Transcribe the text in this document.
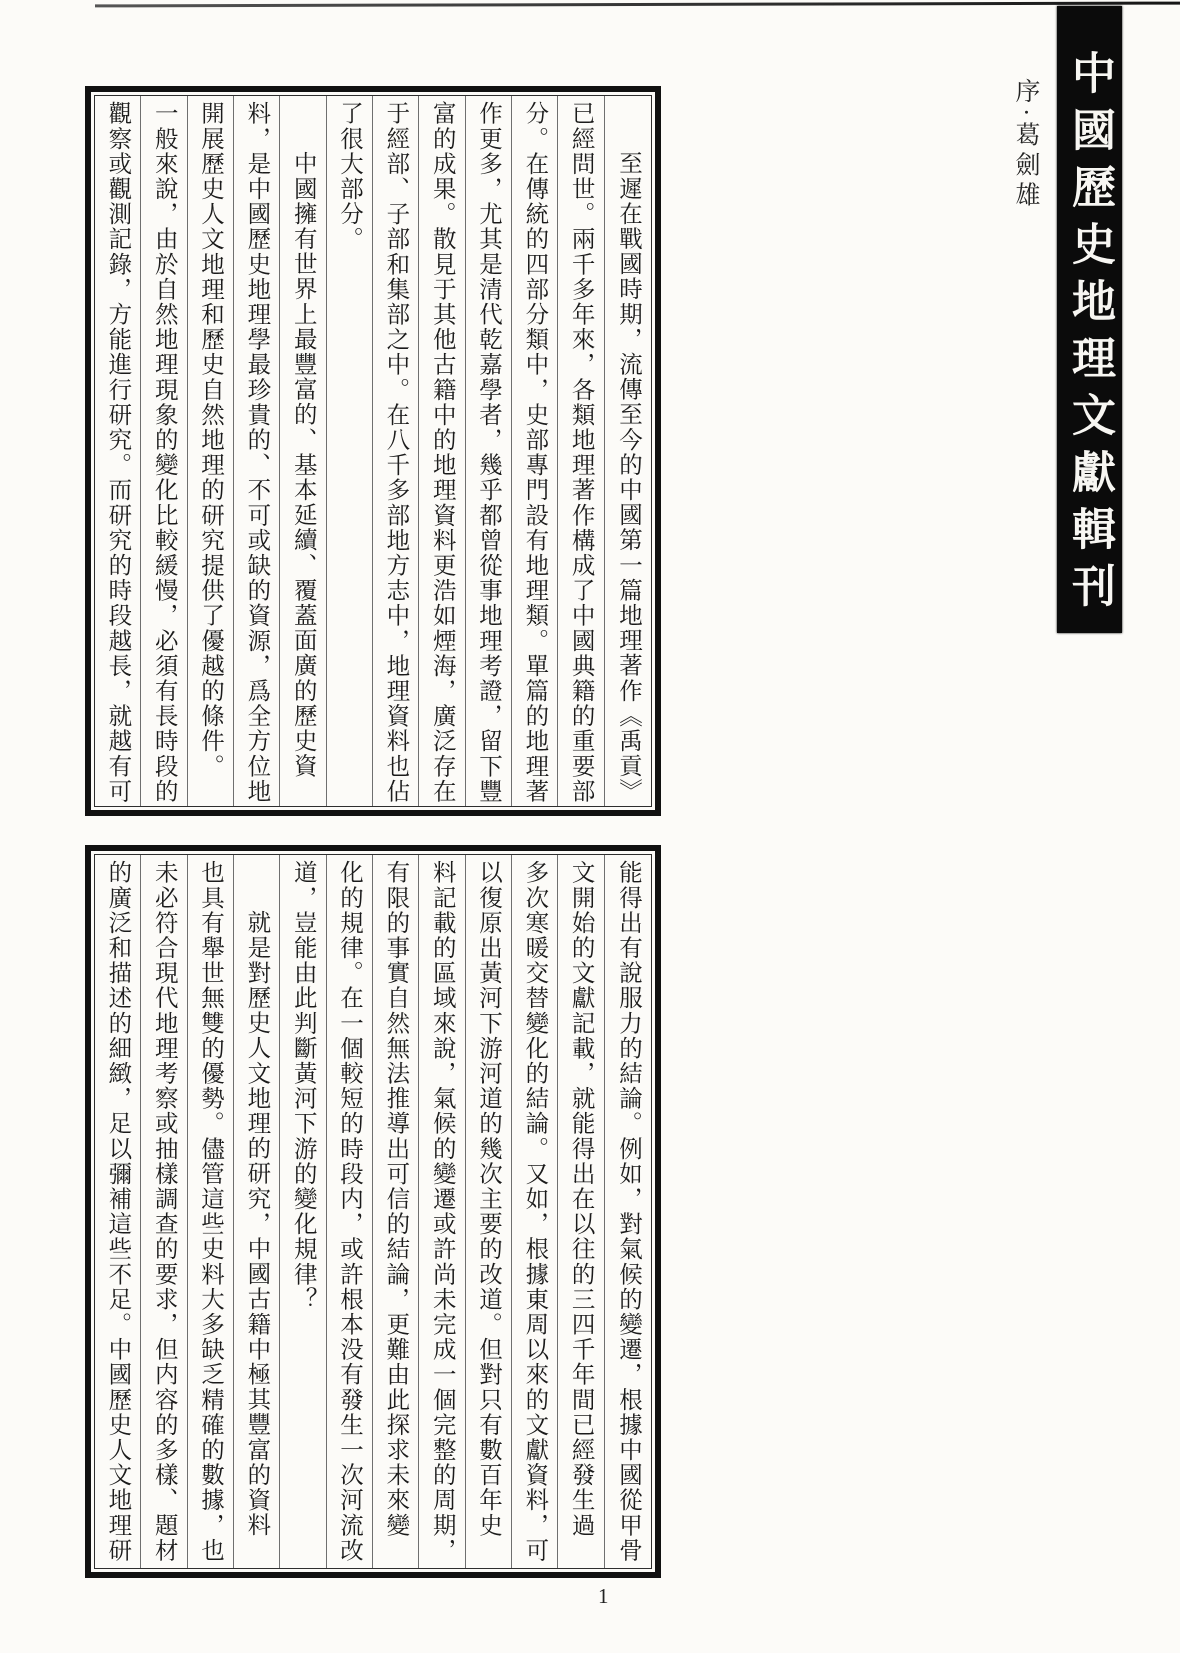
中國歷史地理文獻輯刊
序·葛劍雄
至遲在戰國時期，流傳至今的中國第一篇地理著作《禹貢》
已經問世。兩千多年來，各類地理著作構成了中國典籍的重要部
分。在傳統的四部分類中，史部專門設有地理類。單篇的地理著
作更多，尤其是清代乾嘉學者，幾乎都曾從事地理考證，留下豐
富的成果。散見于其他古籍中的地理資料更浩如煙海，廣泛存在
于經部、子部和集部之中。在八千多部地方志中，地理資料也佔
了很大部分。
中國擁有世界上最豐富的、基本延續、覆蓋面廣的歷史資
料，是中國歷史地理學最珍貴的、不可或缺的資源，爲全方位地
開展歷史人文地理和歷史自然地理的研究提供了優越的條件。
一般來說，由於自然地理現象的變化比較緩慢，必須有長時段的
觀察或觀測記錄，方能進行研究。而研究的時段越長，就越有可
能得出有說服力的結論。例如，對氣候的變遷，根據中國從甲骨
文開始的文獻記載，就能得出在以往的三四千年間已經發生過
多次寒暖交替變化的結論。又如，根據東周以來的文獻資料，可
以復原出黃河下游河道的幾次主要的改道。但對只有數百年史
料記載的區域來說，氣候的變遷或許尚未完成一個完整的周期，
有限的事實自然無法推導出可信的結論，更難由此探求未來變
化的規律。在一個較短的時段内，或許根本没有發生一次河流改
道，豈能由此判斷黃河下游的變化規律？
就是對歷史人文地理的研究，中國古籍中極其豐富的資料
也具有舉世無雙的優勢。儘管這些史料大多缺乏精確的數據，也
未必符合現代地理考察或抽樣調查的要求，但内容的多樣、題材
的廣泛和描述的細緻，足以彌補這些不足。中國歷史人文地理研
1
